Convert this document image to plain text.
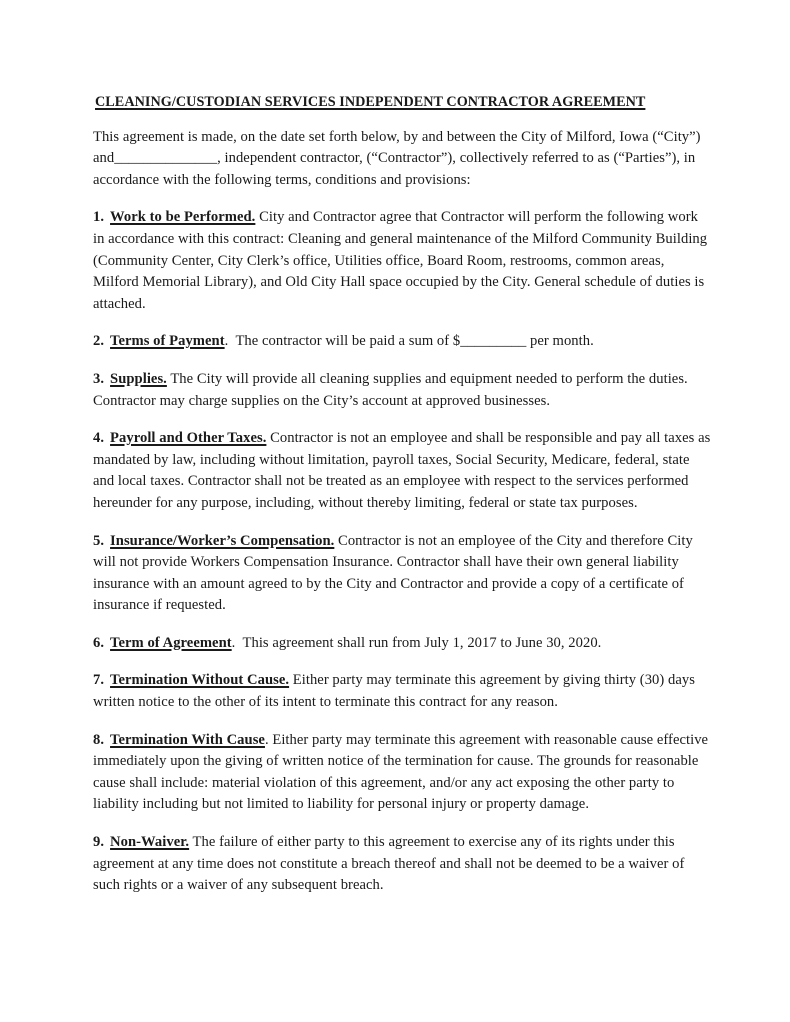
CLEANING/CUSTODIAN SERVICES INDEPENDENT CONTRACTOR AGREEMENT

This agreement is made, on the date set forth below, by and between the City of Milford, Iowa (“City”) and______________, independent contractor, (“Contractor”), collectively referred to as (“Parties”), in accordance with the following terms, conditions and provisions:

1. Work to be Performed. City and Contractor agree that Contractor will perform the following work in accordance with this contract: Cleaning and general maintenance of the Milford Community Building (Community Center, City Clerk’s office, Utilities office, Board Room, restrooms, common areas, Milford Memorial Library), and Old City Hall space occupied by the City. General schedule of duties is attached.

2. Terms of Payment.  The contractor will be paid a sum of $_________ per month.

3. Supplies. The City will provide all cleaning supplies and equipment needed to perform the duties. Contractor may charge supplies on the City’s account at approved businesses.

4. Payroll and Other Taxes. Contractor is not an employee and shall be responsible and pay all taxes as mandated by law, including without limitation, payroll taxes, Social Security, Medicare, federal, state and local taxes. Contractor shall not be treated as an employee with respect to the services performed hereunder for any purpose, including, without thereby limiting, federal or state tax purposes.

5. Insurance/Worker’s Compensation. Contractor is not an employee of the City and therefore City will not provide Workers Compensation Insurance. Contractor shall have their own general liability insurance with an amount agreed to by the City and Contractor and provide a copy of a certificate of insurance if requested.

6. Term of Agreement.  This agreement shall run from July 1, 2017 to June 30, 2020.

7. Termination Without Cause. Either party may terminate this agreement by giving thirty (30) days written notice to the other of its intent to terminate this contract for any reason.

8. Termination With Cause. Either party may terminate this agreement with reasonable cause effective immediately upon the giving of written notice of the termination for cause. The grounds for reasonable cause shall include: material violation of this agreement, and/or any act exposing the other party to liability including but not limited to liability for personal injury or property damage.

9. Non-Waiver. The failure of either party to this agreement to exercise any of its rights under this agreement at any time does not constitute a breach thereof and shall not be deemed to be a waiver of such rights or a waiver of any subsequent breach.
